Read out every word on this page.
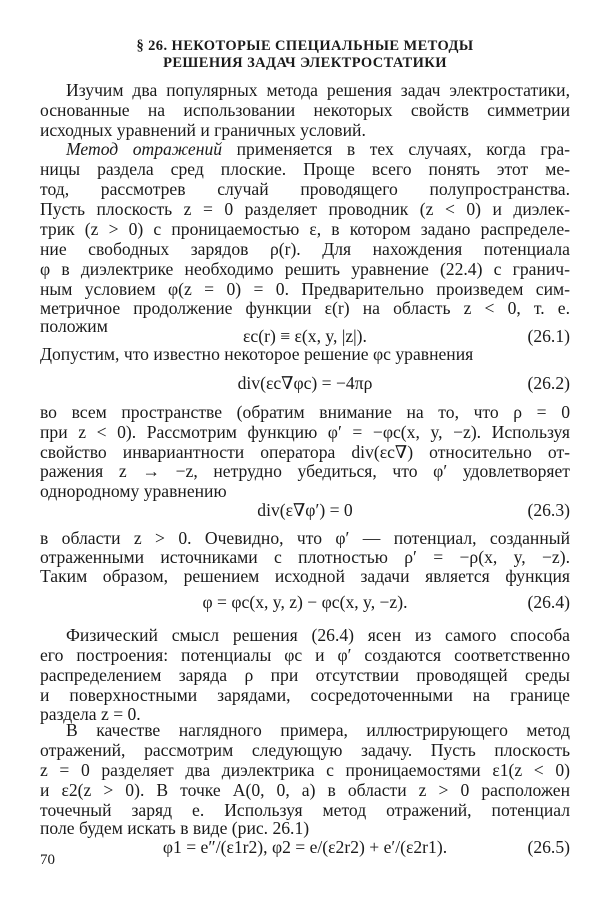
§ 26. НЕКОТОРЫЕ СПЕЦИАЛЬНЫЕ МЕТОДЫ
РЕШЕНИЯ ЗАДАЧ ЭЛЕКТРОСТАТИКИ
Изучим два популярных метода решения задач электростатики,
основанные на использовании некоторых свойств симметрии
исходных уравнений и граничных условий.
Метод отражений применяется в тех случаях, когда гра-
ницы раздела сред плоские. Проще всего понять этот ме-
тод, рассмотрев случай проводящего полупространства.
Пусть плоскость z = 0 разделяет проводник (z < 0) и диэлек-
трик (z > 0) с проницаемостью ε, в котором задано распределе-
ние свободных зарядов ρ(r). Для нахождения потенциала
φ в диэлектрике необходимо решить уравнение (22.4) с гранич-
ным условием φ(z = 0) = 0. Предварительно произведем сим-
метричное продолжение функции ε(r) на область z < 0, т. е.
положим	εc(r) ≡ ε(x, y, |z|).	(26.1)
Допустим, что известно некоторое решение φc уравнения
div(εc∇φc) = −4πρ	(26.2)
во всем пространстве (обратим внимание на то, что ρ = 0
при z < 0). Рассмотрим функцию φ′ = −φc(x, y, −z). Используя
свойство инвариантности оператора div(εc∇) относительно от-
ражения z → −z, нетрудно убедиться, что φ′ удовлетворяет
однородному уравнению
div(ε∇φ′) = 0	(26.3)
в области z > 0. Очевидно, что φ′ — потенциал, созданный
отраженными источниками с плотностью ρ′ = −ρ(x, y, −z).
Таким образом, решением исходной задачи является функция
φ = φc(x, y, z) − φc(x, y, −z).	(26.4)
Физический смысл решения (26.4) ясен из самого способа
его построения: потенциалы φc и φ′ создаются соответственно
распределением заряда ρ при отсутствии проводящей среды
и поверхностными зарядами, сосредоточенными на границе
раздела z = 0.
В качестве наглядного примера, иллюстрирующего метод
отражений, рассмотрим следующую задачу. Пусть плоскость
z = 0 разделяет два диэлектрика с проницаемостями ε1(z < 0)
и ε2(z > 0). В точке A(0, 0, a) в области z > 0 расположен
точечный заряд e. Используя метод отражений, потенциал
поле будем искать в виде (рис. 26.1)
φ1 = e″/(ε1r2), φ2 = e/(ε2r2) + e′/(ε2r1).	(26.5)
70
